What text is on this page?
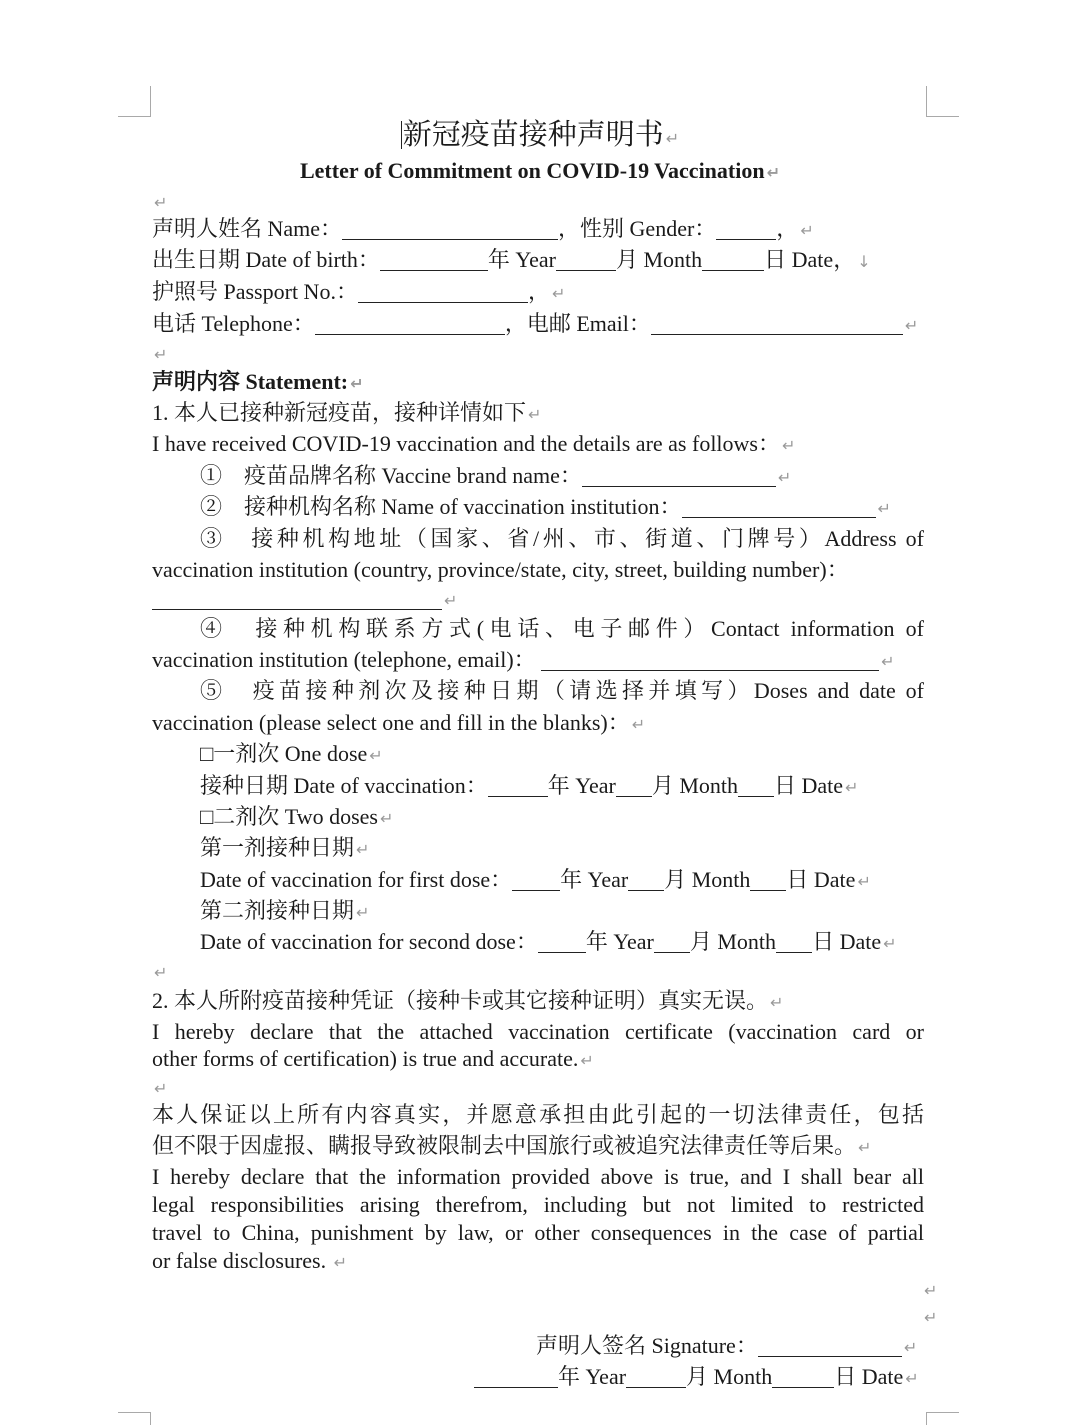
新冠疫苗接种声明书 ↵
Letter of Commitment on COVID-19 Vaccination ↵
↵
声明人姓名 Name：	，性别 Gender：	， ↵
出生日期 Date of birth：	年 Year	月 Month	日 Date， ↓
护照号 Passport No.：	， ↵
电话 Telephone：	，电邮 Email：	↵
↵
声明内容 Statement: ↵
1. 本人已接种新冠疫苗，接种详情如下 ↵
I have received COVID-19 vaccination and the details are as follows： ↵
①　疫苗品牌名称 Vaccine brand name：	↵
②　接种机构名称 Name of vaccination institution：	↵
③　接种机构地址（国家、省/州、市、街道、门牌号）Address of
vaccination institution (country, province/state, city, street, building number)：
↵
④　接种机构联系方式(电话、电子邮件）Contact information of
vaccination institution (telephone, email)：	↵
⑤　疫苗接种剂次及接种日期（请选择并填写）Doses and date of
vaccination (please select one and fill in the blanks)： ↵
□一剂次 One dose ↵
接种日期 Date of vaccination：	年 Year 月 Month 日 Date ↵
□二剂次 Two doses ↵
第一剂接种日期 ↵
Date of vaccination for first dose： 年 Year 月 Month 日 Date ↵
第二剂接种日期 ↵
Date of vaccination for second dose： 年 Year 月 Month 日 Date ↵
↵
2. 本人所附疫苗接种凭证（接种卡或其它接种证明）真实无误。 ↵
I hereby declare that the attached vaccination certificate (vaccination card or
other forms of certification) is true and accurate. ↵
↵
本人保证以上所有内容真实，并愿意承担由此引起的一切法律责任，包括
但不限于因虚报、瞒报导致被限制去中国旅行或被追究法律责任等后果。 ↵
I hereby declare that the information provided above is true, and I shall bear all
legal responsibilities arising therefrom, including but not limited to restricted
travel to China, punishment by law, or other consequences in the case of partial
or false disclosures. ↵
↵
↵
声明人签名 Signature：	↵
年 Year	月 Month	日 Date ↵
